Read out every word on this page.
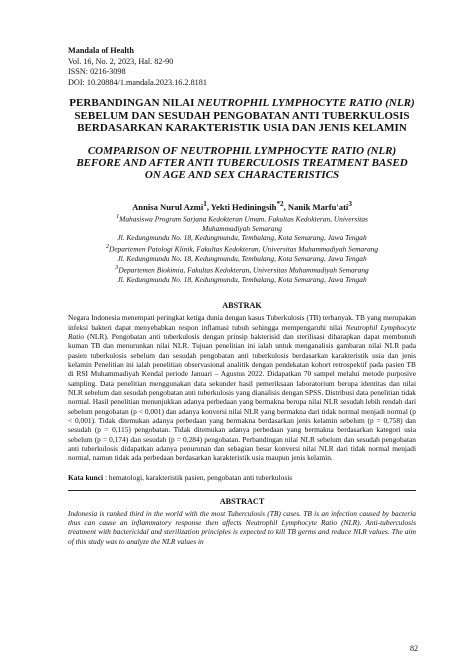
Mandala of Health
Vol. 16, No. 2, 2023, Hal. 82-90
ISSN: 0216-3098
DOI: 10.20884/1.mandala.2023.16.2.8181
PERBANDINGAN NILAI NEUTROPHIL LYMPHOCYTE RATIO (NLR)
SEBELUM DAN SESUDAH PENGOBATAN ANTI TUBERKULOSIS
BERDASARKAN KARAKTERISTIK USIA DAN JENIS KELAMIN
COMPARISON OF NEUTROPHIL LYMPHOCYTE RATIO (NLR)
BEFORE AND AFTER ANTI TUBERCULOSIS TREATMENT BASED
ON AGE AND SEX CHARACTERISTICS
Annisa Nurul Azmi$^1$, Yekti Hediningsih$^{*2}$, Nanik Marfu'ati$^3$
$^1$Mahasiswa Program Sarjana Kedokteran Umum, Fakultas Kedokteran, Universitas
Muhammadiyah Semarang
Jl. Kedungmundu No. 18, Kedungmundu, Tembalang, Kota Semarang, Jawa Tengah
$^2$Departemen Patologi Klinik, Fakultas Kedokteran, Universitas Muhammadiyah Semarang
Jl. Kedungmundu No. 18, Kedungmundu, Tembalang, Kota Semarang, Jawa Tengah
$^3$Departemen Biokimia, Fakultas Kedokteran, Universitas Muhammadiyah Semarang
Jl. Kedungmundu No. 18, Kedungmundu, Tembalang, Kota Semarang, Jawa Tengah
ABSTRAK
Negara Indonesia menempati peringkat ketiga dunia dengan kasus Tuberkulosis (TB) terbanyak. TB yang merupakan infeksi bakteri dapat menyebabkan respon inflamasi tubuh sehingga mempengaruhi nilai Neutrophil Lymphocyte Ratio (NLR). Pengobatan anti tuberkulosis dengan prinsip bakterisid dan sterilisasi diharapkan dapat membunuh kuman TB dan menurunkan nilai NLR. Tujuan penelitian ini ialah untuk menganalisis gambaran nilai NLR pada pasien tuberkulosis sebelum dan sesudah pengobatan anti tuberkulosis berdasarkan karakteristik usia dan jenis kelamin Penelitian ini ialah penelitian observasional analitik dengan pendekatan kohort retrospektif pada pasien TB di RSI Muhammadiyah Kendal periode Januari – Agustus 2022. Didapatkan 70 sampel melalui metode purposive sampling. Data penelitian menggunakan data sekunder hasil pemeriksaan laboratorium berupa identitas dan nilai NLR sebelum dan sesudah pengobatan anti tuberkulosis yang dianalisis dengan SPSS. Distribusi data penelitian tidak normal. Hasil penelitian menunjukkan adanya perbedaan yang bermakna berupa nilai NLR sesudah lebih rendah dari sebelum pengobatan (p < 0,001) dan adanya konversi nilai NLR yang bermakna dari tidak normal menjadi normal (p < 0,001). Tidak ditemukan adanya perbedaan yang bermakna berdasarkan jenis kelamin sebelum (p = 0,758) dan sesudah (p = 0,115) pengobatan. Tidak ditemukan adanya perbedaan yang bermakna berdasarkan kategori usia sebelum (p = 0,174) dan sesudah (p = 0,284) pengobatan. Perbandingan nilai NLR sebelum dan sesudah pengobatan anti tuberkulosis didapatkan adanya penurunan dan sebagian besar konversi nilai NLR dari tidak normal menjadi normal, namun tidak ada perbedaan berdasarkan karakteristik usia maupun jenis kelamin.
Kata kunci : hematologi, karakteristik pasien, pengobatan anti tuberkulosis
ABSTRACT
Indonesia is ranked third in the world with the most Tuberculosis (TB) cases. TB is an infection caused by bacteria thus can cause an inflammatory response then affects Neutrophil Lymphocyte Ratio (NLR). Anti-tuberculosis treatment with bactericidal and sterilization principles is expected to kill TB germs and reduce NLR values. The aim of this study was to analyze the NLR values in
82
